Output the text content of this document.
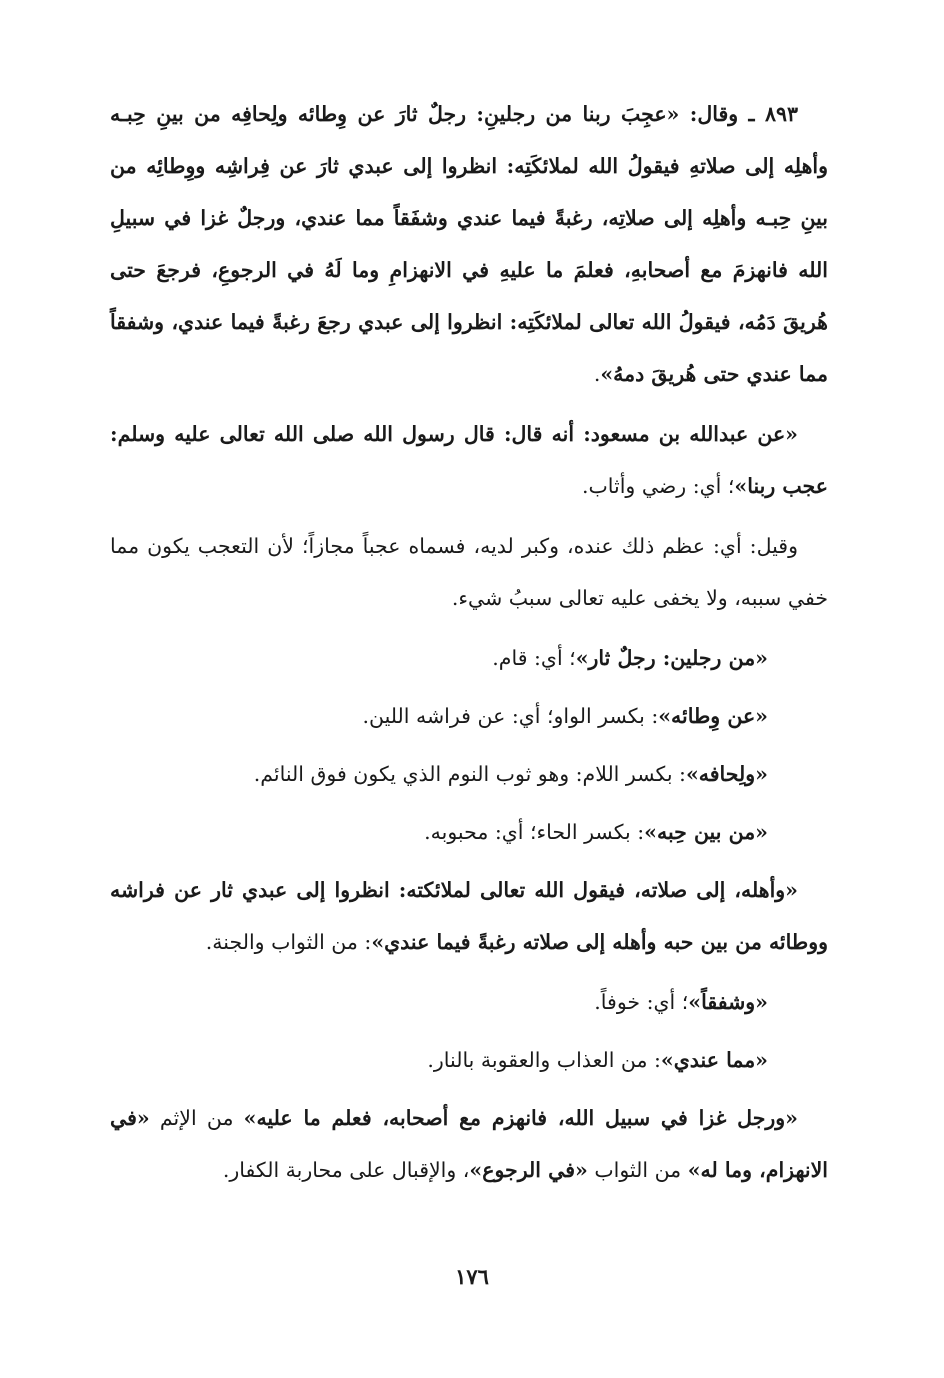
٨٩٣ ـ وقال: «عجِبَ ربنا من رجلينِ: رجلٌ ثارَ عن وِطائه ولِحافِه من بينِ حِبـه وأهلِه إلى صلاتهِ فيقولُ الله لملائكَتِه: انظروا إلى عبدي ثارَ عن فِراشِه ووِطائِه من بينِ حِبـه وأهلِه إلى صلاتِه، رغبةً فيما عندي وشفَقاً مما عندي، ورجلٌ غزا في سبيلِ الله فانهزمَ مع أصحابهِ، فعلمَ ما عليهِ في الانهزامِ وما لَهُ في الرجوعِ، فرجعَ حتى هُريقَ دَمُه، فيقولُ الله تعالى لملائكَتِه: انظروا إلى عبدي رجعَ رغبةً فيما عندي، وشفقاً مما عندي حتى هُريقَ دمهُ».

«عن عبدالله بن مسعود: أنه قال: قال رسول الله صلى الله تعالى عليه وسلم: عجب ربنا»؛ أي: رضي وأثاب.

وقيل: أي: عظم ذلك عنده، وكبر لديه، فسماه عجباً مجازاً؛ لأن التعجب يكون مما خفي سببه، ولا يخفى عليه تعالى سببُ شيء.

«من رجلين: رجلٌ ثار»؛ أي: قام.

«عن وِطائه»: بكسر الواو؛ أي: عن فراشه اللين.

«ولِحافه»: بكسر اللام: وهو ثوب النوم الذي يكون فوق النائم.

«من بين حِبه»: بكسر الحاء؛ أي: محبوبه.

«وأهله، إلى صلاته، فيقول الله تعالى لملائكته: انظروا إلى عبدي ثار عن فراشه ووطائه من بين حبه وأهله إلى صلاته رغبةً فيما عندي»: من الثواب والجنة.

«وشفقاً»؛ أي: خوفاً.

«مما عندي»: من العذاب والعقوبة بالنار.

«ورجل غزا في سبيل الله، فانهزم مع أصحابه، فعلم ما عليه» من الإثم «في الانهزام، وما له» من الثواب «في الرجوع»، والإقبال على محاربة الكفار.

١٧٦
